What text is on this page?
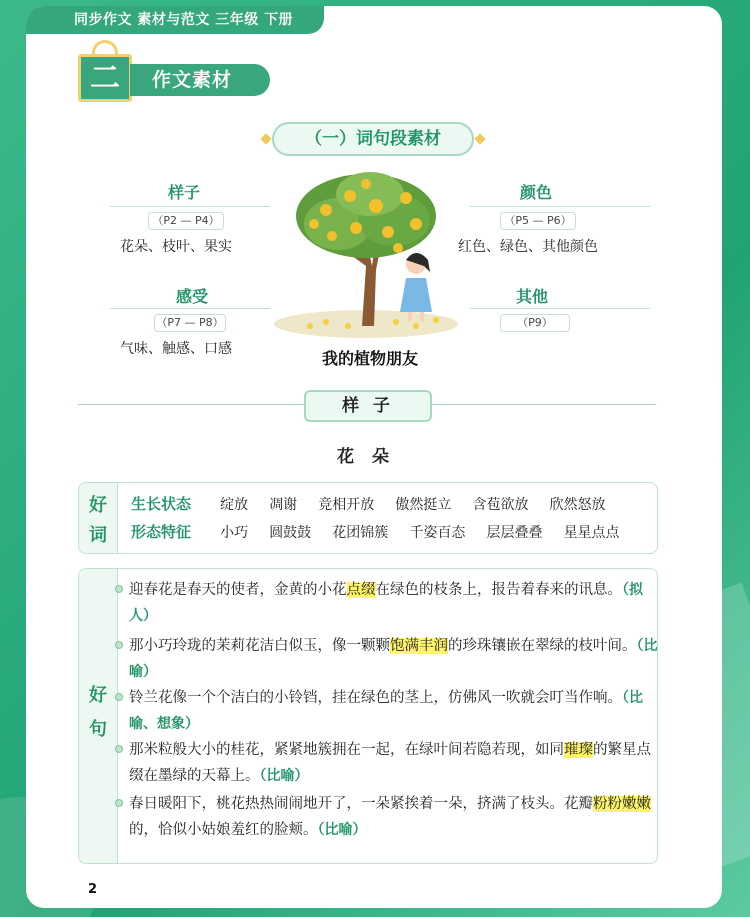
同步作文 素材与范文 三年级 下册
二	作文素材
（一）词句段素材
样子
（P2 — P4）
花朵、枝叶、果实
颜色
（P5 — P6）
红色、绿色、其他颜色
感受
（P7 — P8）
气味、触感、口感
其他
（P9）
我的植物朋友
样 子
花 朵
好
词
生长状态 绽放 凋谢 竞相开放 傲然挺立 含苞欲放 欣然怒放
形态特征 小巧 圆鼓鼓 花团锦簇 千姿百态 层层叠叠 星星点点
好
句
迎春花是春天的使者，金黄的小花点缀在绿色的枝条上，报告着春来的讯息。（拟人）
那小巧玲珑的茉莉花洁白似玉，像一颗颗饱满丰润的珍珠镶嵌在翠绿的枝叶间。（比喻）
铃兰花像一个个洁白的小铃铛，挂在绿色的茎上，仿佛风一吹就会叮当作响。（比喻、想象）
那米粒般大小的桂花，紧紧地簇拥在一起，在绿叶间若隐若现，如同璀璨的繁星点缀在墨绿的天幕上。（比喻）
春日暖阳下，桃花热热闹闹地开了，一朵紧挨着一朵，挤满了枝头。花瓣粉粉嫩嫩的，恰似小姑娘羞红的脸颊。（比喻）
2
